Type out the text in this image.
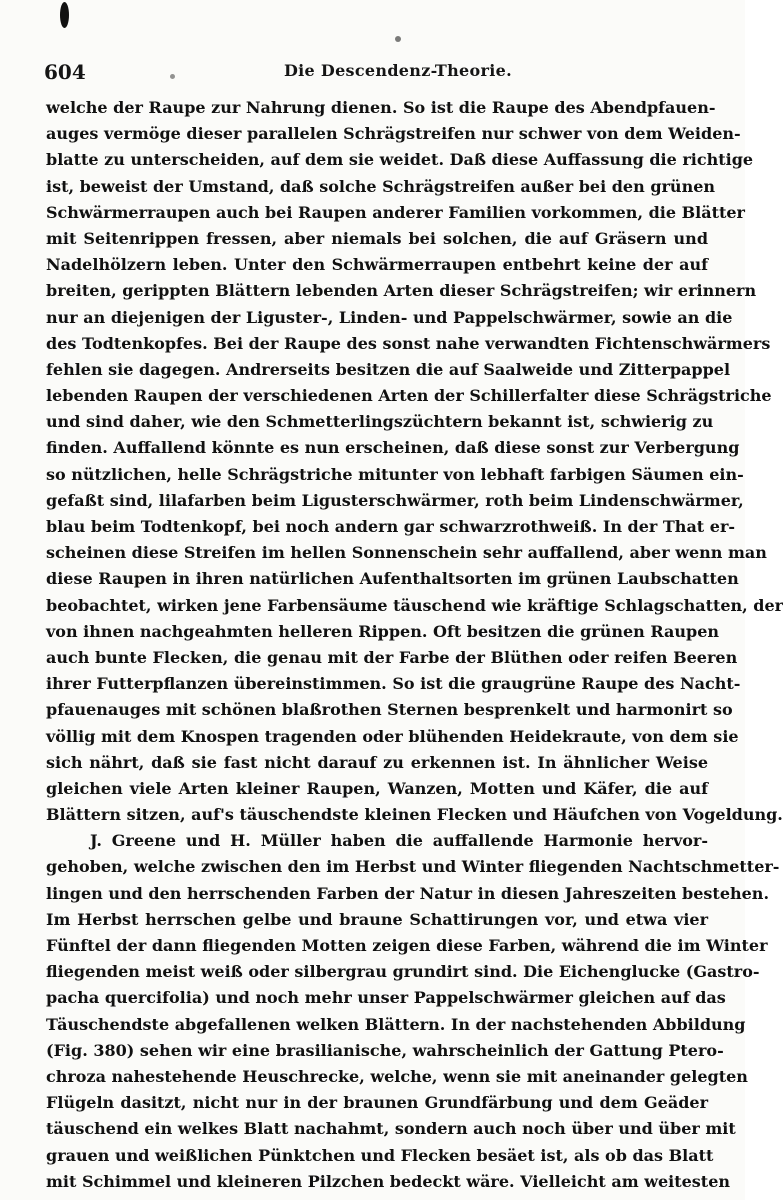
604	Die Descendenz-Theorie.
welche der Raupe zur Nahrung dienen. So ist die Raupe des Abendpfauen-
auges vermöge dieser parallelen Schrägstreifen nur schwer von dem Weiden-
blatte zu unterscheiden, auf dem sie weidet. Daß diese Auffassung die richtige
ist, beweist der Umstand, daß solche Schrägstreifen außer bei den grünen
Schwärmerraupen auch bei Raupen anderer Familien vorkommen, die Blätter
mit Seitenrippen fressen, aber niemals bei solchen, die auf Gräsern und
Nadelhölzern leben. Unter den Schwärmerraupen entbehrt keine der auf
breiten, gerippten Blättern lebenden Arten dieser Schrägstreifen; wir erinnern
nur an diejenigen der Liguster-, Linden- und Pappelschwärmer, sowie an die
des Todtenkopfes. Bei der Raupe des sonst nahe verwandten Fichtenschwärmers
fehlen sie dagegen. Andrerseits besitzen die auf Saalweide und Zitterpappel
lebenden Raupen der verschiedenen Arten der Schillerfalter diese Schrägstriche
und sind daher, wie den Schmetterlingszüchtern bekannt ist, schwierig zu
finden. Auffallend könnte es nun erscheinen, daß diese sonst zur Verbergung
so nützlichen, helle Schrägstriche mitunter von lebhaft farbigen Säumen ein-
gefaßt sind, lilafarben beim Ligusterschwärmer, roth beim Lindenschwärmer,
blau beim Todtenkopf, bei noch andern gar schwarzrothweiß. In der That er-
scheinen diese Streifen im hellen Sonnenschein sehr auffallend, aber wenn man
diese Raupen in ihren natürlichen Aufenthaltsorten im grünen Laubschatten
beobachtet, wirken jene Farbensäume täuschend wie kräftige Schlagschatten, der
von ihnen nachgeahmten helleren Rippen. Oft besitzen die grünen Raupen
auch bunte Flecken, die genau mit der Farbe der Blüthen oder reifen Beeren
ihrer Futterpflanzen übereinstimmen. So ist die graugrüne Raupe des Nacht-
pfauenauges mit schönen blaßrothen Sternen besprenkelt und harmonirt so
völlig mit dem Knospen tragenden oder blühenden Heidekraute, von dem sie
sich nährt, daß sie fast nicht darauf zu erkennen ist. In ähnlicher Weise
gleichen viele Arten kleiner Raupen, Wanzen, Motten und Käfer, die auf
Blättern sitzen, auf's täuschendste kleinen Flecken und Häufchen von Vogeldung.
J. Greene und H. Müller haben die auffallende Harmonie hervor-
gehoben, welche zwischen den im Herbst und Winter fliegenden Nachtschmetter-
lingen und den herrschenden Farben der Natur in diesen Jahreszeiten bestehen.
Im Herbst herrschen gelbe und braune Schattirungen vor, und etwa vier
Fünftel der dann fliegenden Motten zeigen diese Farben, während die im Winter
fliegenden meist weiß oder silbergrau grundirt sind. Die Eichenglucke (Gastro-
pacha quercifolia) und noch mehr unser Pappelschwärmer gleichen auf das
Täuschendste abgefallenen welken Blättern. In der nachstehenden Abbildung
(Fig. 380) sehen wir eine brasilianische, wahrscheinlich der Gattung Ptero-
chroza nahestehende Heuschrecke, welche, wenn sie mit aneinander gelegten
Flügeln dasitzt, nicht nur in der braunen Grundfärbung und dem Geäder
täuschend ein welkes Blatt nachahmt, sondern auch noch über und über mit
grauen und weißlichen Pünktchen und Flecken besäet ist, als ob das Blatt
mit Schimmel und kleineren Pilzchen bedeckt wäre. Vielleicht am weitesten
